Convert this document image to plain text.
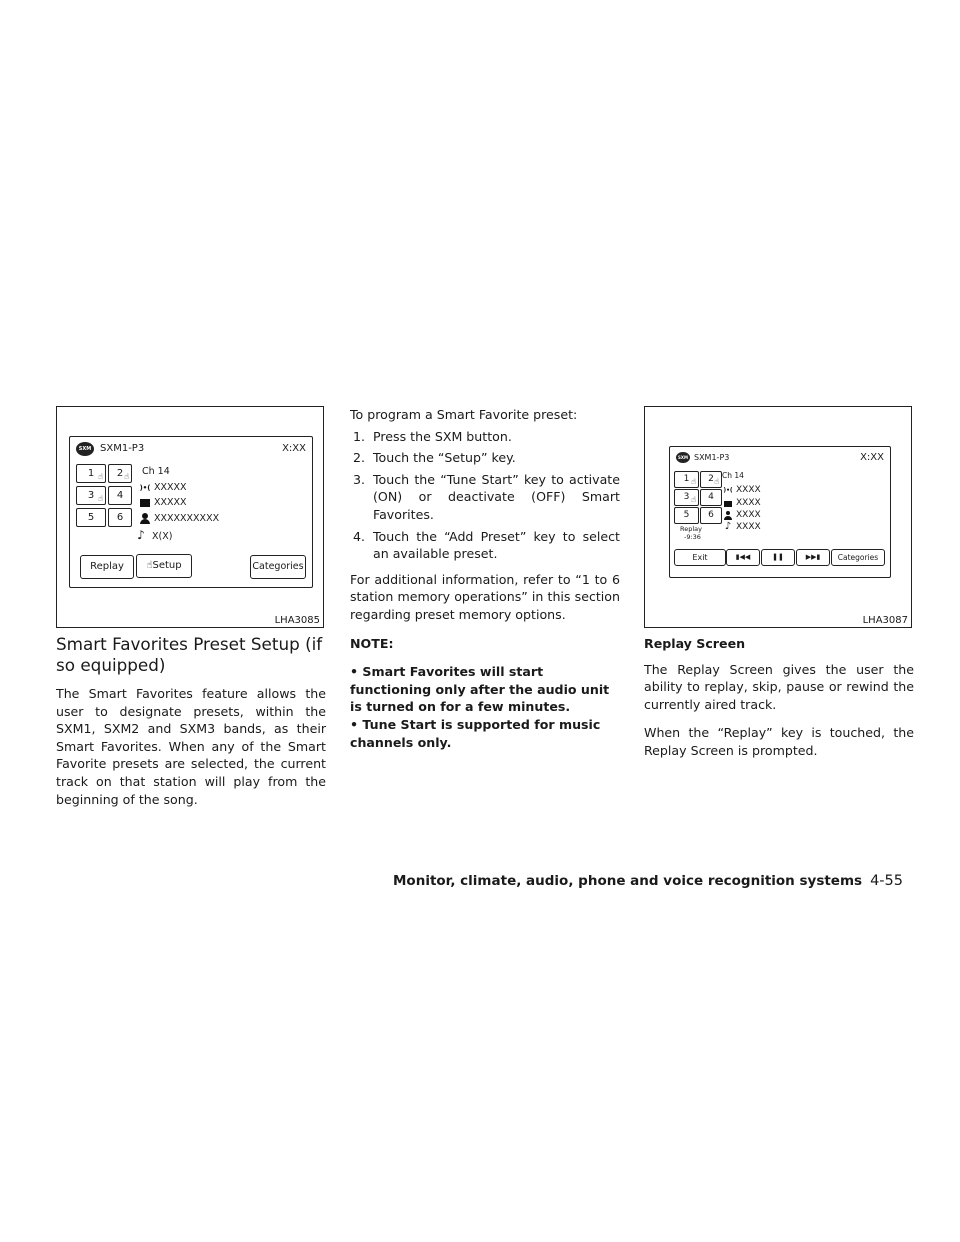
SXM SXM1-P3	X:XX
1 ☝	2 ☝
3 ☝	4
5	6
Ch 14
)•( XXXXX
XXXXX
XXXXXXXXXX
♪ X(X)
Replay	☝Setup	Categories
LHA3085
Smart Favorites Preset Setup (if so equipped)

The Smart Favorites feature allows the user to designate presets, within the SXM1, SXM2 and SXM3 bands, as their Smart Favorites. When any of the Smart Favorite presets are selected, the current track on that station will play from the beginning of the song.

To program a Smart Favorite preset:

1. Press the SXM button.
2. Touch the “Setup” key.
3. Touch the “Tune Start” key to activate (ON) or deactivate (OFF) Smart Favorites.
4. Touch the “Add Preset” key to select an available preset.

For additional information, refer to “1 to 6 station memory operations” in this section regarding preset memory options.

NOTE:

• Smart Favorites will start functioning only after the audio unit is turned on for a few minutes.

• Tune Start is supported for music channels only.

SXM SXM1-P3	X:XX
1 ☝	2 ☝
3 ☝	4
5	6
Replay
-9:36
Ch 14
)•( XXXX
XXXX
XXXX
♪ XXXX
Exit	▮◀◀	❚❚	▶▶▮	Categories
LHA3087
Replay Screen

The Replay Screen gives the user the ability to replay, skip, pause or rewind the currently aired track.

When the “Replay” key is touched, the Replay Screen is prompted.

Monitor, climate, audio, phone and voice recognition systems 4-55
